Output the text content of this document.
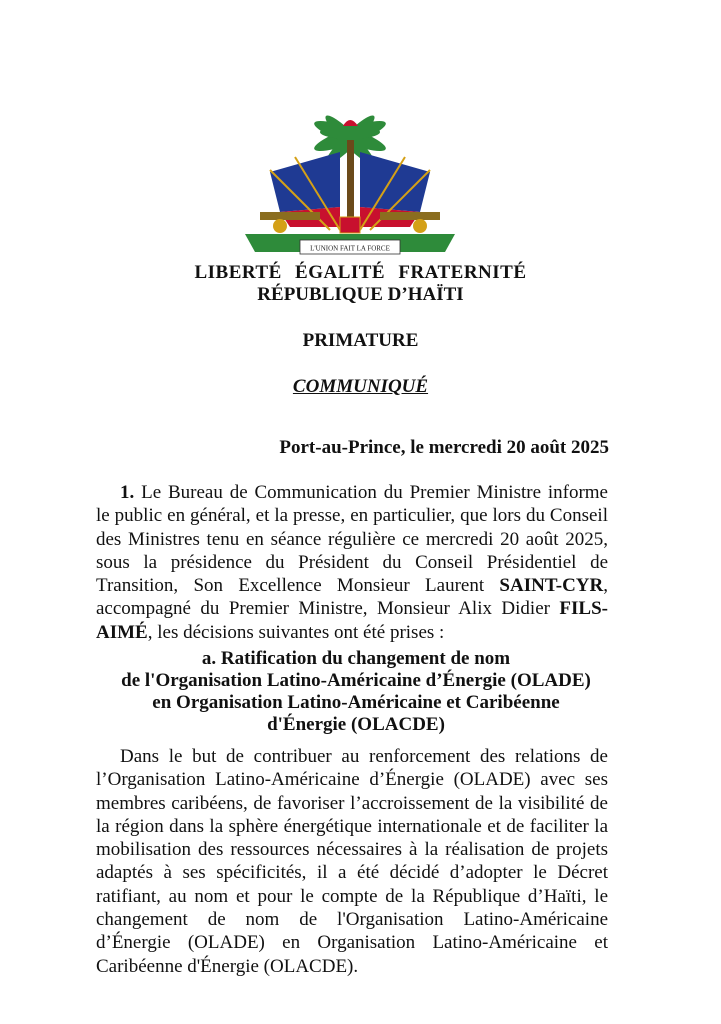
L'UNION FAIT LA FORCE
LIBERTÉ ÉGALITÉ FRATERNITÉ
RÉPUBLIQUE D’HAÏTI
PRIMATURE
COMMUNIQUÉ
Port-au-Prince, le mercredi 20 août 2025

1. Le Bureau de Communication du Premier Ministre informe le public en général, et la presse, en particulier, que lors du Conseil des Ministres tenu en séance régulière ce mercredi 20 août 2025, sous la présidence du Président du Conseil Présidentiel de Transition, Son Excellence Monsieur Laurent SAINT-CYR, accompagné du Premier Ministre, Monsieur Alix Didier FILS-AIMÉ, les décisions suivantes ont été prises :

a. Ratification du changement de nom
de l'Organisation Latino-Américaine d’Énergie (OLADE)
en Organisation Latino-Américaine et Caribéenne
d'Énergie (OLACDE)

Dans le but de contribuer au renforcement des relations de l’Organisation Latino-Américaine d’Énergie (OLADE) avec ses membres caribéens, de favoriser l’accroissement de la visibilité de la région dans la sphère énergétique internationale et de faciliter la mobilisation des ressources nécessaires à la réalisation de projets adaptés à ses spécificités, il a été décidé d’adopter le Décret ratifiant, au nom et pour le compte de la République d’Haïti, le changement de nom de l'Organisation Latino-Américaine d’Énergie (OLADE) en Organisation Latino-Américaine et Caribéenne d'Énergie (OLACDE).
